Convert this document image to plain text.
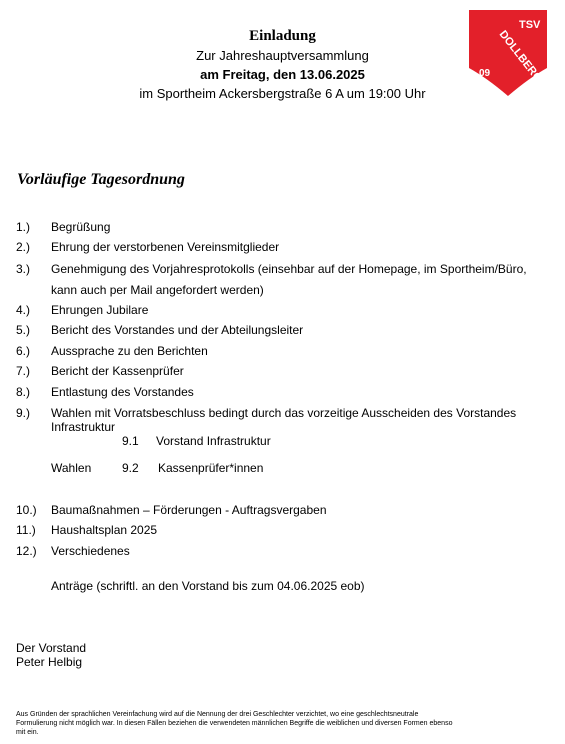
Einladung
Zur Jahreshauptversammlung
am Freitag, den 13.06.2025
im Sportheim Ackersbergstraße 6 A um 19:00 Uhr
TSV
09 DOLLBERGEN
Vorläufige Tagesordnung
1.) Begrüßung
2.) Ehrung der verstorbenen Vereinsmitglieder
3.) Genehmigung des Vorjahresprotokolls (einsehbar auf der Homepage, im Sportheim/Büro,
kann auch per Mail angefordert werden)
4.) Ehrungen Jubilare
5.) Bericht des Vorstandes und der Abteilungsleiter
6.) Aussprache zu den Berichten
7.) Bericht der Kassenprüfer
8.) Entlastung des Vorstandes
9.) Wahlen mit Vorratsbeschluss bedingt durch das vorzeitige Ausscheiden des Vorstandes
Infrastruktur
9.1 Vorstand Infrastruktur
Wahlen	9.2 Kassenprüfer*innen
10.) Baumaßnahmen – Förderungen - Auftragsvergaben
11.) Haushaltsplan 2025
12.) Verschiedenes
Anträge (schriftl. an den Vorstand bis zum 04.06.2025 eob)
Der Vorstand
Peter Helbig
Aus Gründen der sprachlichen Vereinfachung wird auf die Nennung der drei Geschlechter verzichtet, wo eine geschlechtsneutrale
Formulierung nicht möglich war. In diesen Fällen beziehen die verwendeten männlichen Begriffe die weiblichen und diversen Formen ebenso
mit ein.
